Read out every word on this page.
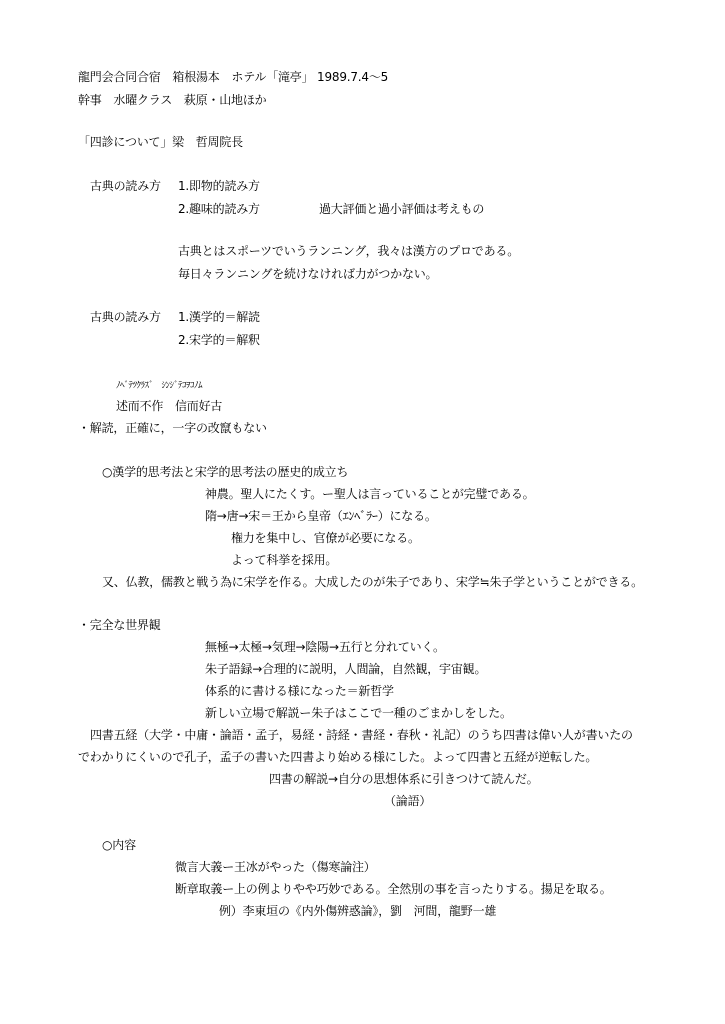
龍門会合同合宿　箱根湯本　ホテル「滝亭」 1989.7.4～5
幹事　水曜クラス　萩原・山地ほか
「四診について」梁　哲周院長
古典の読み方 1.即物的読み方
2.趣味的読み方	過大評価と過小評価は考えもの
古典とはスポーツでいうランニング，我々は漢方のプロである。
毎日々ランニングを続けなければ力がつかない。
古典の読み方 1.漢学的＝解読
2.宋学的＝解釈
ﾉﾍﾞﾃﾂｸﾗｽﾞ　ｼﾝｼﾞﾃｺｦｺﾉﾑ
述而不作　信而好古
・解読，正確に，一字の改竄もない
○漢学的思考法と宋学的思考法の歴史的成立ち
神農。聖人にたくす。ー聖人は言っていることが完璧である。
隋→唐→宋＝王から皇帝（ｴﾝﾍﾞﾗｰ）になる。
権力を集中し、官僚が必要になる。
よって科挙を採用。
又、仏教，儒教と戦う為に宋学を作る。大成したのが朱子であり、宋学≒朱子学ということができる。
・完全な世界観
無極→太極→気理→陰陽→五行と分れていく。
朱子語録→合理的に説明，人間論，自然観，宇宙観。
体系的に書ける様になった＝新哲学
新しい立場で解説ー朱子はここで一種のごまかしをした。
四書五経（大学・中庸・論語・孟子，易経・詩経・書経・春秋・礼記）のうち四書は偉い人が書いたの
でわかりにくいので孔子，孟子の書いた四書より始める様にした。よって四書と五経が逆転した。
四書の解説→自分の思想体系に引きつけて読んだ。
（論語）
○内容
微言大義ー王冰がやった（傷寒論注）
断章取義ー上の例よりやや巧妙である。全然別の事を言ったりする。揚足を取る。
例）李東垣の《内外傷辨惑論》，劉　河間，龍野一雄
